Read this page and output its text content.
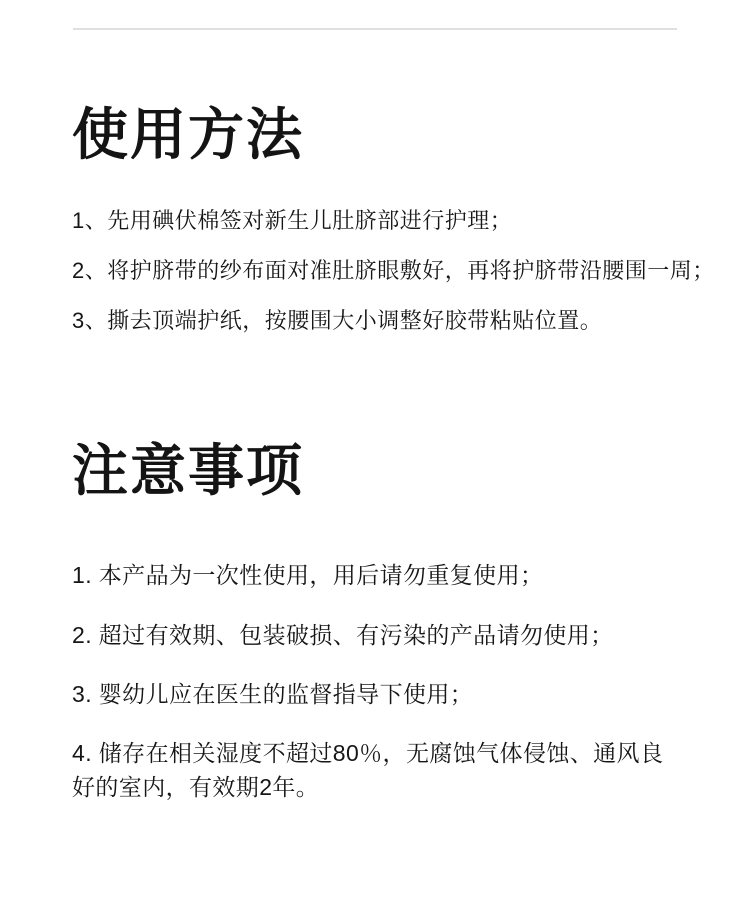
使用方法
1、先用碘伏棉签对新生儿肚脐部进行护理；
2、将护脐带的纱布面对准肚脐眼敷好，再将护脐带沿腰围一周；
3、撕去顶端护纸，按腰围大小调整好胶带粘贴位置。
注意事项
1. 本产品为一次性使用，用后请勿重复使用；
2. 超过有效期、包装破损、有污染的产品请勿使用；
3. 婴幼儿应在医生的监督指导下使用；
4. 储存在相关湿度不超过80％，无腐蚀气体侵蚀、通风良好的室内，有效期2年。
